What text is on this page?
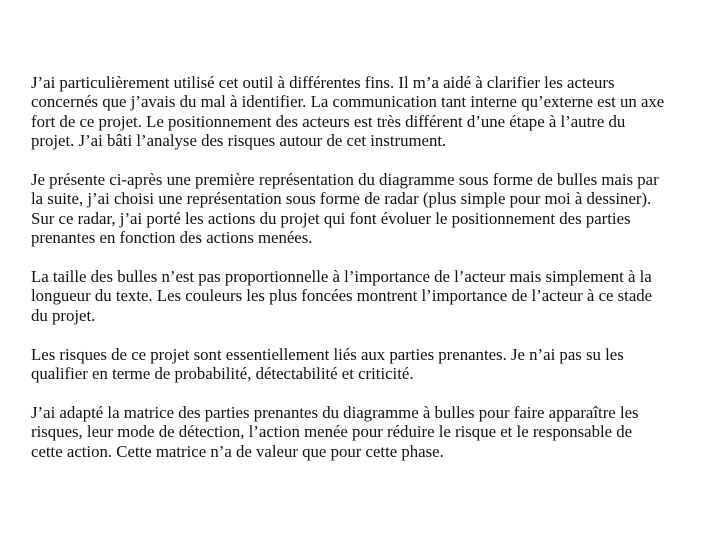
J’ai particulièrement utilisé cet outil à différentes fins. Il m’a aidé à clarifier les acteurs
concernés que j’avais du mal à identifier. La communication tant interne qu’externe est un axe
fort de ce projet. Le positionnement des acteurs est très différent d’une étape à l’autre du
projet. J’ai bâti l’analyse des risques autour de cet instrument.

Je présente ci-après une première représentation du diagramme sous forme de bulles mais par
la suite, j’ai choisi une représentation sous forme de radar (plus simple pour moi à dessiner).
Sur ce radar, j’ai porté les actions du projet qui font évoluer le positionnement des parties
prenantes en fonction des actions menées.

La taille des bulles n’est pas proportionnelle à l’importance de l’acteur mais simplement à la
longueur du texte. Les couleurs les plus foncées montrent l’importance de l’acteur à ce stade
du projet.

Les risques de ce projet sont essentiellement liés aux parties prenantes. Je n’ai pas su les
qualifier en terme de probabilité, détectabilité et criticité.

J’ai adapté la matrice des parties prenantes du diagramme à bulles pour faire apparaître les
risques, leur mode de détection, l’action menée pour réduire le risque et le responsable de
cette action. Cette matrice n’a de valeur que pour cette phase.
